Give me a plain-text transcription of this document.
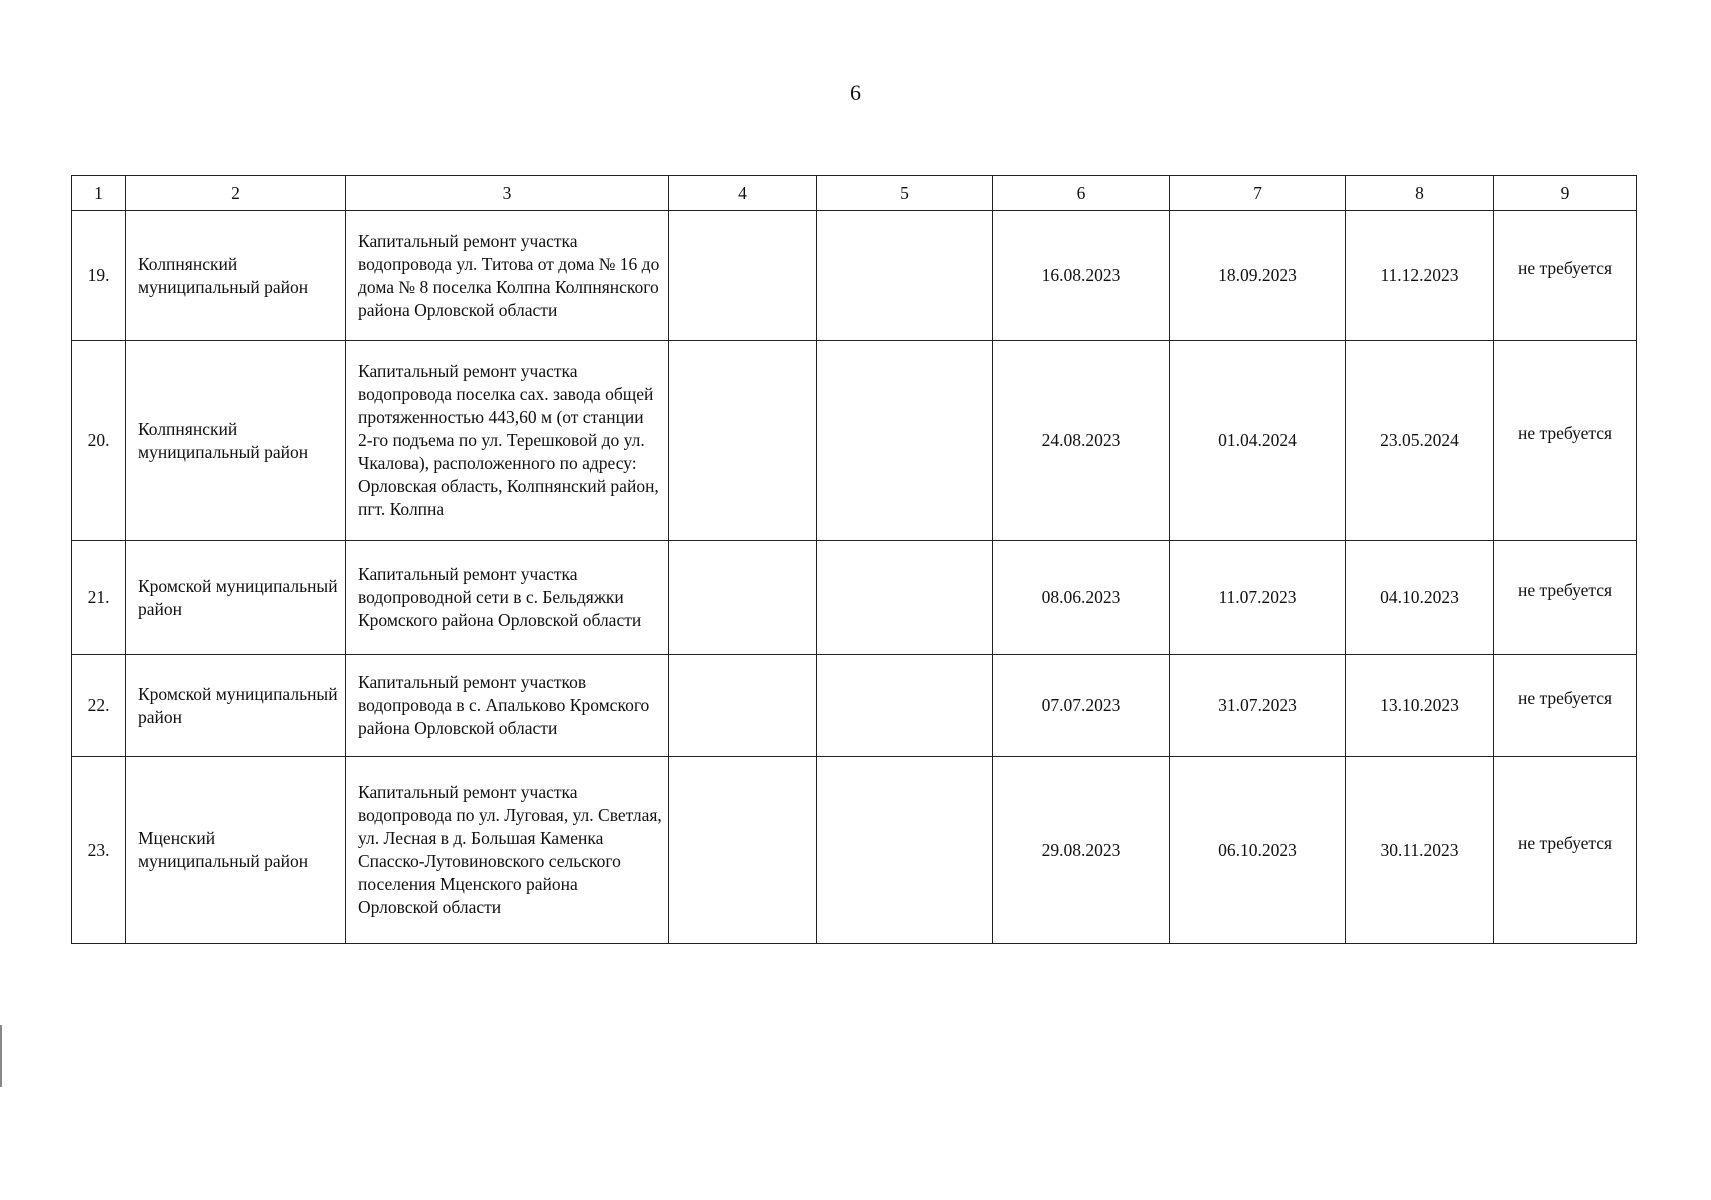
6
1	2	3	4	5	6	7	8	9
19.	Колпнянский муниципальный район	Капитальный ремонт участка водопровода ул. Титова от дома № 16 до дома № 8 поселка Колпна Колпнянского района Орловской области			16.08.2023	18.09.2023	11.12.2023	не требуется
20.	Колпнянский муниципальный район	Капитальный ремонт участка водопровода поселка сах. завода общей протяженностью 443,60 м (от станции 2-го подъема по ул. Терешковой до ул. Чкалова), расположенного по адресу: Орловская область, Колпнянский район, пгт. Колпна			24.08.2023	01.04.2024	23.05.2024	не требуется
21.	Кромской муниципальный район	Капитальный ремонт участка водопроводной сети в с. Бельдяжки Кромского района Орловской области			08.06.2023	11.07.2023	04.10.2023	не требуется
22.	Кромской муниципальный район	Капитальный ремонт участков водопровода в с. Апальково Кромского района Орловской области			07.07.2023	31.07.2023	13.10.2023	не требуется
23.	Мценский муниципальный район	Капитальный ремонт участка водопровода по ул. Луговая, ул. Светлая, ул. Лесная в д. Большая Каменка Спасско-Лутовиновского сельского поселения Мценского района Орловской области			29.08.2023	06.10.2023	30.11.2023	не требуется
